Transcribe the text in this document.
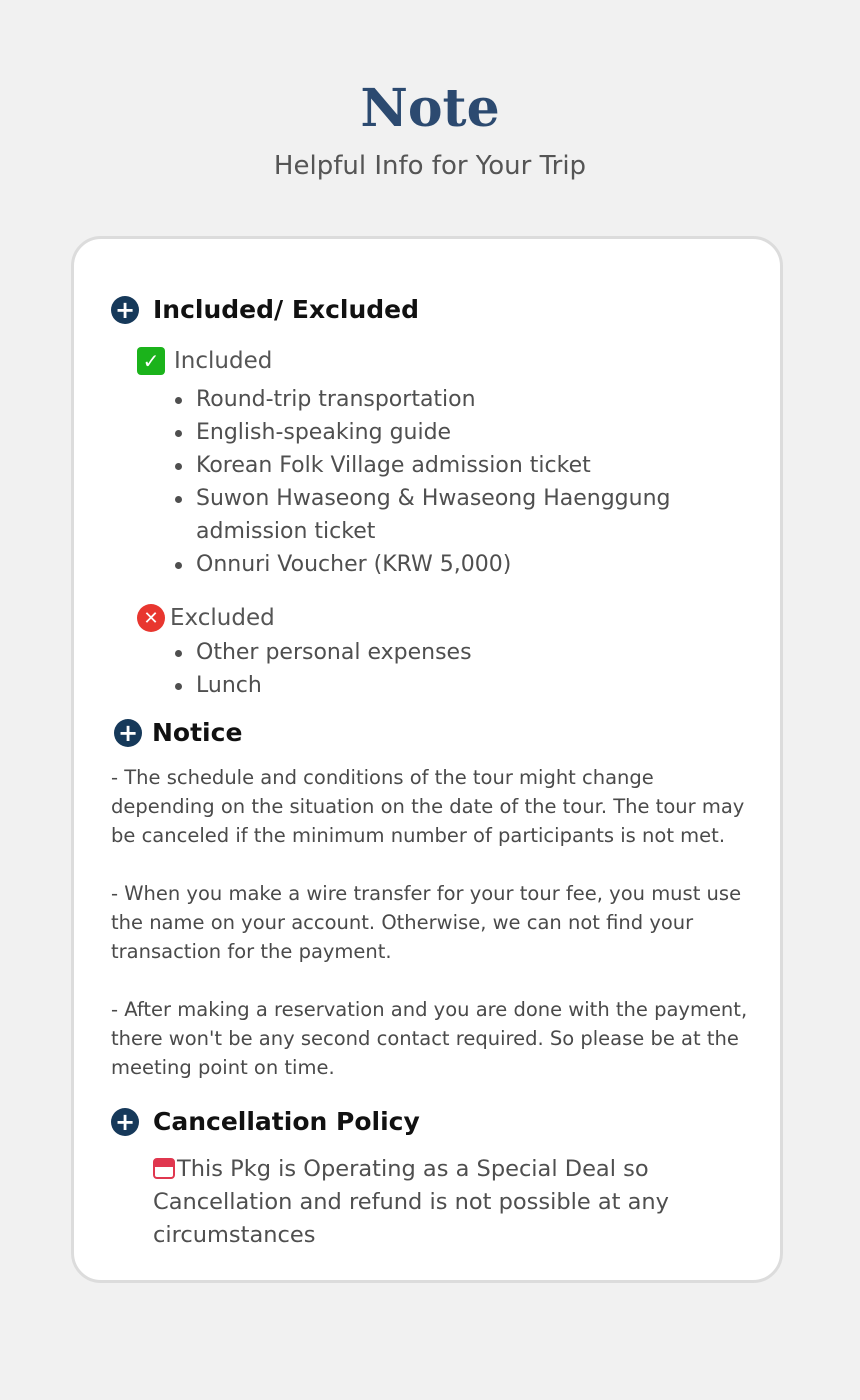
Note
Helpful Info for Your Trip
+ Included/ Excluded
✓ Included
Round-trip transportation
English-speaking guide
Korean Folk Village admission ticket
Suwon Hwaseong & Hwaseong Haenggung admission ticket
Onnuri Voucher (KRW 5,000)
✕ Excluded
Other personal expenses
Lunch
+ Notice

- The schedule and conditions of the tour might change depending on the situation on the date of the tour. The tour may be canceled if the minimum number of participants is not met.

- When you make a wire transfer for your tour fee, you must use the name on your account. Otherwise, we can not find your transaction for the payment.

- After making a reservation and you are done with the payment, there won't be any second contact required. So please be at the meeting point on time.

+ Cancellation Policy
This Pkg is Operating as a Special Deal so Cancellation and refund is not possible at any circumstances
